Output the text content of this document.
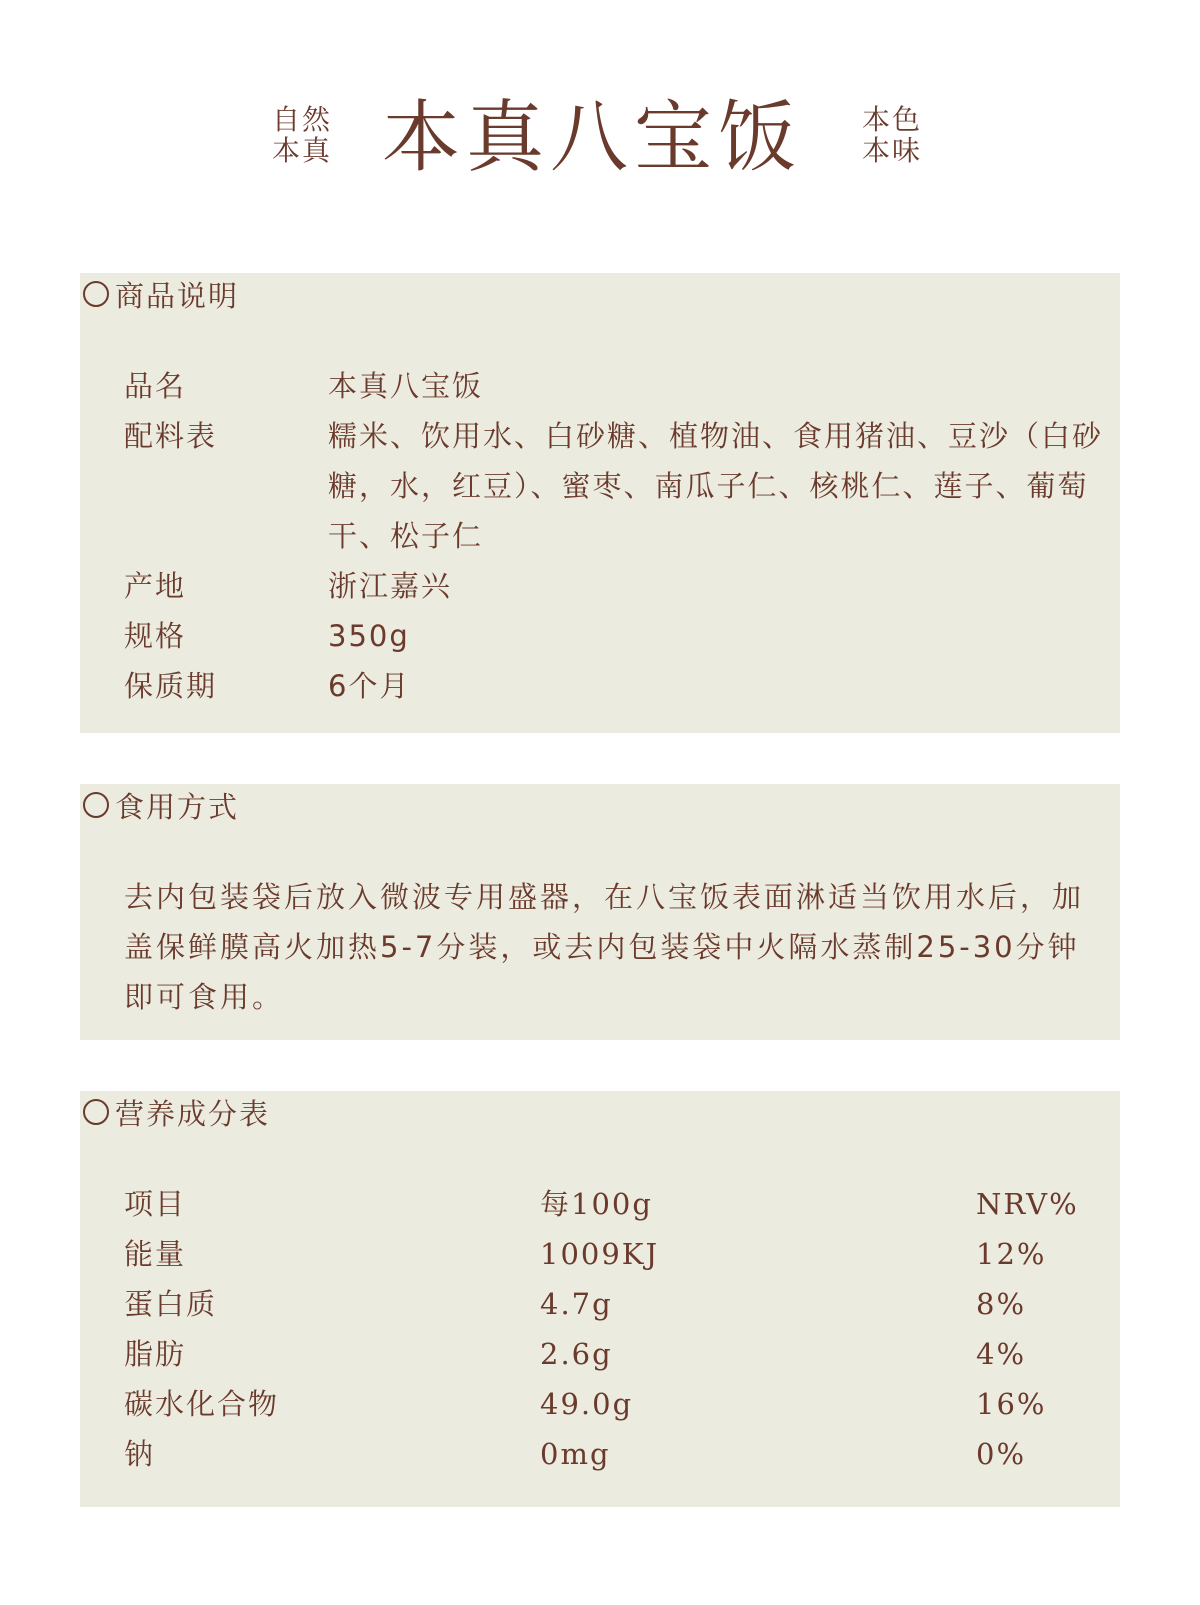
自然
本真 本真八宝饭 本色
本味
商品说明
品名	本真八宝饭
配料表	糯米、饮用水、白砂糖、植物油、食用猪油、豆沙（白砂糖，水，红豆）、蜜枣、南瓜子仁、核桃仁、莲子、葡萄干、松子仁
产地	浙江嘉兴
规格	350g
保质期	6个月
食用方式
去内包装袋后放入微波专用盛器，在八宝饭表面淋适当饮用水后，加盖保鲜膜高火加热5-7分装，或去内包装袋中火隔水蒸制25-30分钟即可食用。
营养成分表
项目	每100g	NRV%
能量	1009KJ	12%
蛋白质	4.7g	8%
脂肪	2.6g	4%
碳水化合物	49.0g	16%
钠	0mg	0%
